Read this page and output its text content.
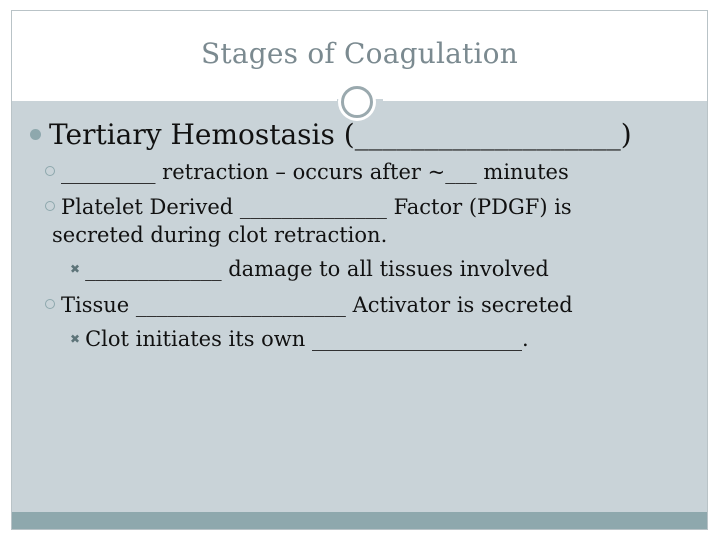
Stages of Coagulation
Tertiary Hemostasis (___________________)
_________ retraction – occurs after ~___ minutes
Platelet Derived ______________ Factor (PDGF) is
secreted during clot retraction.
✖ _____________ damage to all tissues involved
Tissue ____________________ Activator is secreted
✖ Clot initiates its own ____________________.
